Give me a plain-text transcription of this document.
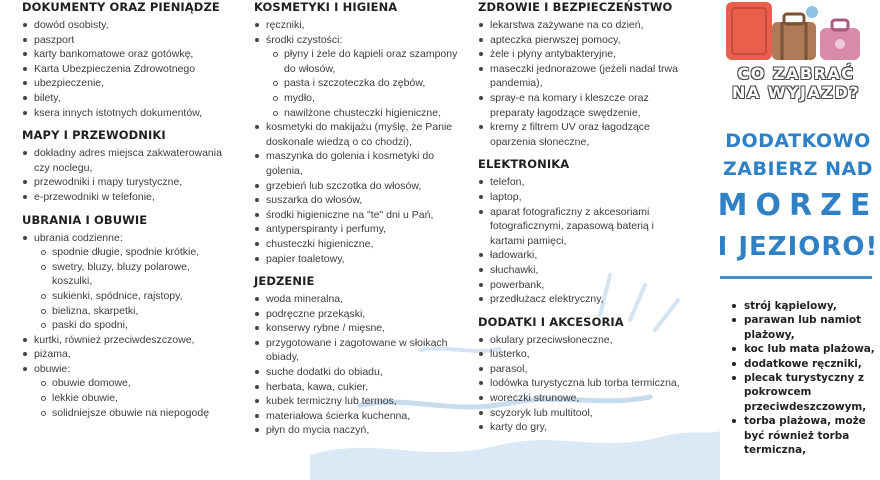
DOKUMENTY ORAZ PIENIĄDZE
dowód osobisty,
paszport
karty bankomatowe oraz gotówkę,
Karta Ubezpieczenia Zdrowotnego
ubezpieczenie,
bilety,
ksera innych istotnych dokumentów,
MAPY I PRZEWODNIKI
dokładny adres miejsca zakwaterowania
czy noclegu,
przewodniki i mapy turystyczne,
e-przewodniki w telefonie,
UBRANIA I OBUWIE
ubrania codzienne:
spodnie długie, spodnie krótkie,
swetry, bluzy, bluzy polarowe,
koszulki,
sukienki, spódnice, rajstopy,
bielizna, skarpetki,
paski do spodni,
kurtki, również przeciwdeszczowe,
piżama,
obuwie:
obuwie domowe,
lekkie obuwie,
solidniejsze obuwie na niepogodę
KOSMETYKI I HIGIENA
ręczniki,
środki czystości:
płyny i żele do kąpieli oraz szampony
do włosów,
pasta i szczoteczka do zębów,
mydło,
nawilżone chusteczki higieniczne,
kosmetyki do makijażu (myślę, że Panie
doskonale wiedzą o co chodzi),
maszynka do golenia i kosmetyki do
golenia,
grzebień lub szczotka do włosów,
suszarka do włosów,
środki higieniczne na "te" dni u Pań,
antyperspiranty i perfumy,
chusteczki higieniczne,
papier toaletowy,
JEDZENIE
woda mineralna,
podręczne przekąski,
konserwy rybne / mięsne,
przygotowane i zagotowane w słoikach
obiady,
suche dodatki do obiadu,
herbata, kawa, cukier,
kubek termiczny lub termos,
materiałowa ścierka kuchenna,
płyn do mycia naczyń,
ZDROWIE I BEZPIECZEŃSTWO
lekarstwa zażywane na co dzień,
apteczka pierwszej pomocy,
żele i płyny antybakteryjne,
maseczki jednorazowe (jeżeli nadal trwa
pandemia),
spray-e na komary i kleszcze oraz
preparaty łagodzące swędzenie,
kremy z filtrem UV oraz łagodzące
oparzenia słoneczne,
ELEKTRONIKA
telefon,
laptop,
aparat fotograficzny z akcesoriami
fotograficznymi, zapasową baterią i
kartami pamięci,
ładowarki,
słuchawki,
powerbank,
przedłużacz elektryczny,
DODATKI I AKCESORIA
okulary przeciwsłoneczne,
lusterko,
parasol,
lodówka turystyczna lub torba termiczna,
woreczki strunowe,
scyzoryk lub multitool,
karty do gry,
CO ZABRAĆ
NA WYJAZD?
DODATKOWO
ZABIERZ NAD
MORZE
I JEZIORO!
strój kąpielowy,
parawan lub namiot plażowy,
koc lub mata plażowa,
dodatkowe ręczniki,
plecak turystyczny z pokrowcem przeciwdeszczowym,
torba plażowa, może być również torba termiczna,
